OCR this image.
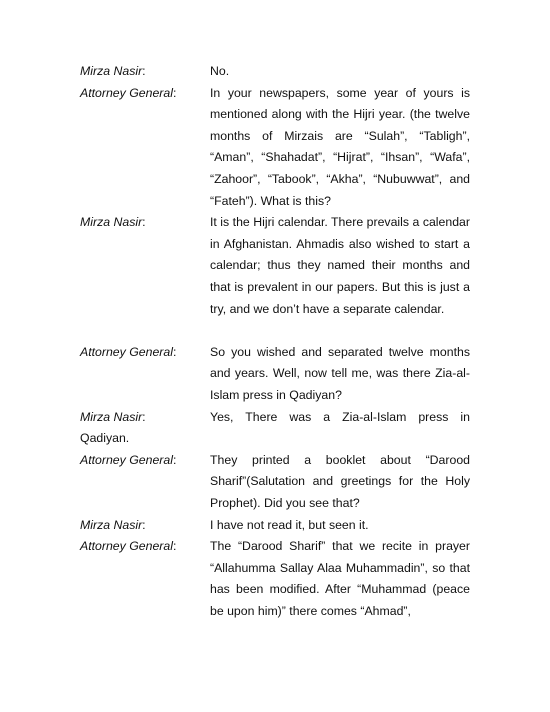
Mirza Nasir:	No.
Attorney General:	In your newspapers, some year of yours is mentioned along with the Hijri year. (the twelve months of Mirzais are “Sulah”, “Tabligh”, “Aman”, “Shahadat”, “Hijrat”, “Ihsan”, “Wafa”, “Zahoor”, “Tabook”, “Akha”, “Nubuwwat”, and “Fateh”). What is this?
Mirza Nasir:	It is the Hijri calendar. There prevails a calendar in Afghanistan. Ahmadis also wished to start a calendar; thus they named their months and that is prevalent in our papers. But this is just a try, and we don’t have a separate calendar.
Attorney General:	So you wished and separated twelve months and years. Well, now tell me, was there Zia-al-Islam press in Qadiyan?
Mirza Nasir:	Yes, There was a Zia-al-Islam press in Qadiyan.
Attorney General:	They printed a booklet about “Darood Sharif”(Salutation and greetings for the Holy Prophet). Did you see that?
Mirza Nasir:	I have not read it, but seen it.
Attorney General:	The “Darood Sharif” that we recite in prayer “Allahumma Sallay Alaa Muhammadin”, so that has been modified. After “Muhammad (peace be upon him)” there comes “Ahmad”,
